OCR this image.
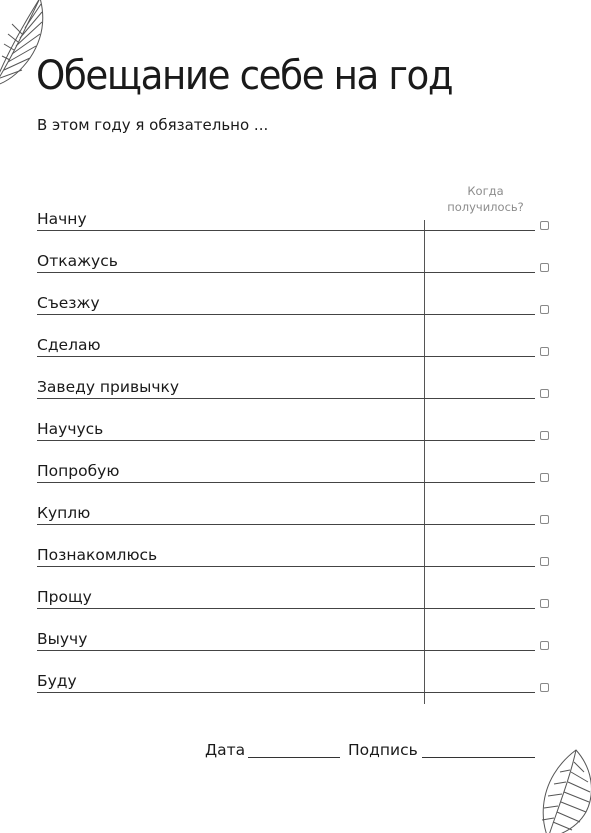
Обещание себе на год
В этом году я обязательно ...
Когда получилось?
Начну
Откажусь
Съезжу
Сделаю
Заведу привычку
Научусь
Попробую
Куплю
Познакомлюсь
Прощу
Выучу
Буду
Дата	Подпись
